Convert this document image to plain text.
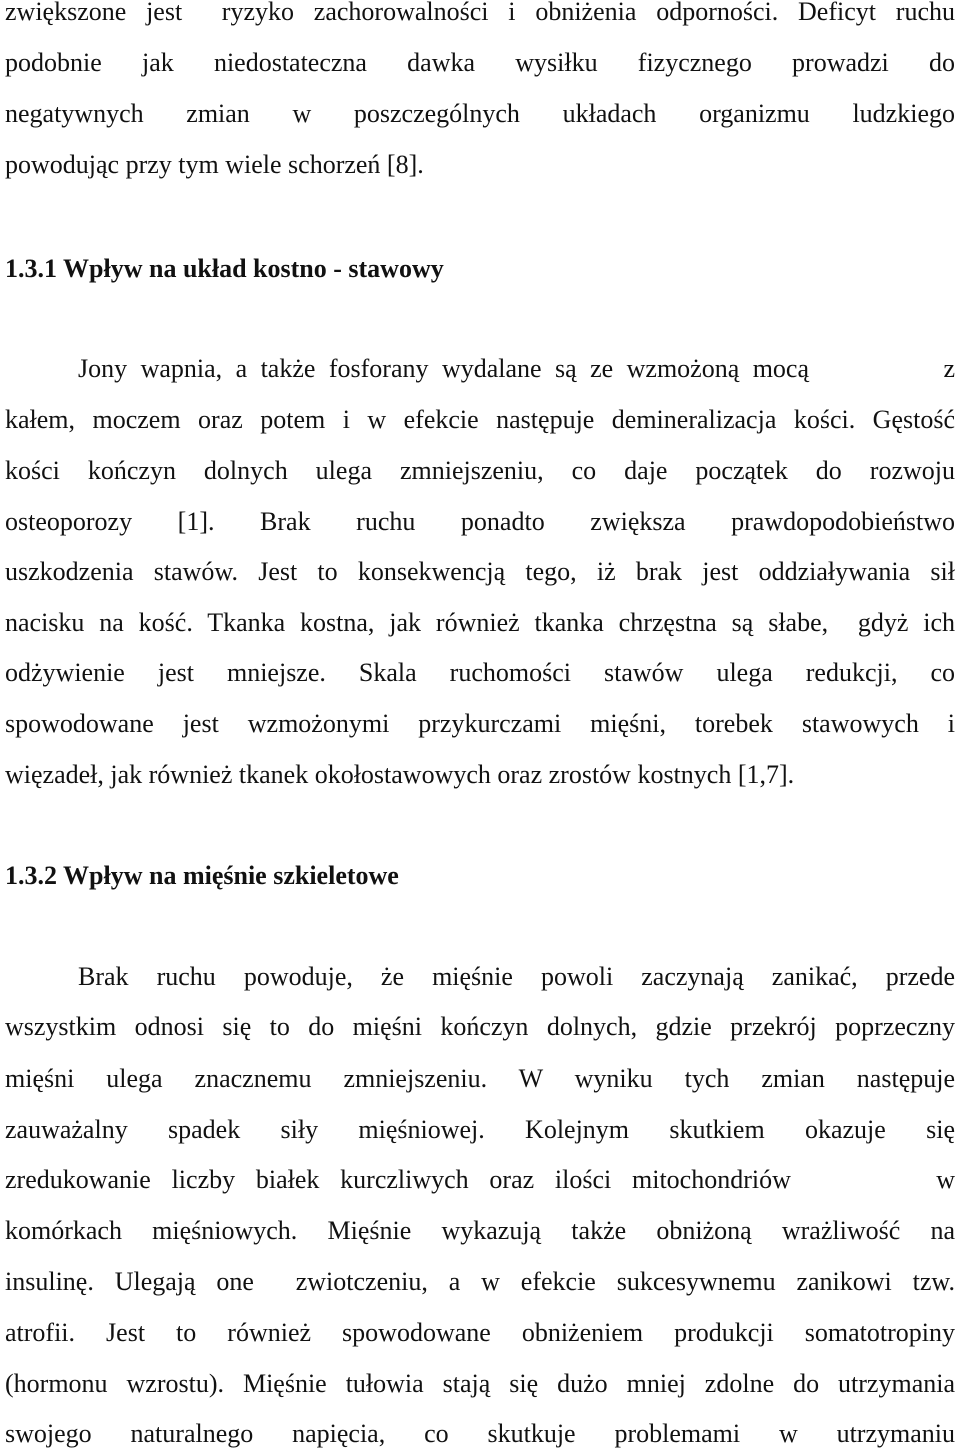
zwiększone jest  ryzyko zachorowalności i obniżenia odporności. Deficyt ruchu
podobnie jak niedostateczna dawka wysiłku fizycznego prowadzi do
negatywnych zmian w poszczególnych układach organizmu ludzkiego
powodując przy tym wiele schorzeń [8].
1.3.1 Wpływ na układ kostno - stawowy
Jony wapnia, a także fosforany wydalane są ze wzmożoną mocą          z
kałem, moczem oraz potem i w efekcie następuje demineralizacja kości. Gęstość
kości kończyn dolnych ulega zmniejszeniu, co daje początek do rozwoju
osteoporozy [1]. Brak ruchu ponadto zwiększa prawdopodobieństwo
uszkodzenia stawów. Jest to konsekwencją tego, iż brak jest oddziaływania sił
nacisku na kość. Tkanka kostna, jak również tkanka chrzęstna są słabe,  gdyż ich
odżywienie jest mniejsze. Skala ruchomości stawów ulega redukcji, co
spowodowane jest wzmożonymi przykurczami mięśni, torebek stawowych i
więzadeł, jak również tkanek okołostawowych oraz zrostów kostnych [1,7].
1.3.2 Wpływ na mięśnie szkieletowe
Brak ruchu powoduje, że mięśnie powoli zaczynają zanikać, przede
wszystkim odnosi się to do mięśni kończyn dolnych, gdzie przekrój poprzeczny
mięśni ulega znacznemu zmniejszeniu. W wyniku tych zmian następuje
zauważalny spadek siły mięśniowej. Kolejnym skutkiem okazuje się
zredukowanie liczby białek kurczliwych oraz ilości mitochondriów       w
komórkach mięśniowych. Mięśnie wykazują także obniżoną wrażliwość na
insulinę. Ulegają one  zwiotczeniu, a w efekcie sukcesywnemu zanikowi tzw.
atrofii. Jest to również spowodowane obniżeniem produkcji somatotropiny
(hormonu wzrostu). Mięśnie tułowia stają się dużo mniej zdolne do utrzymania
swojego naturalnego napięcia, co skutkuje problemami w utrzymaniu
